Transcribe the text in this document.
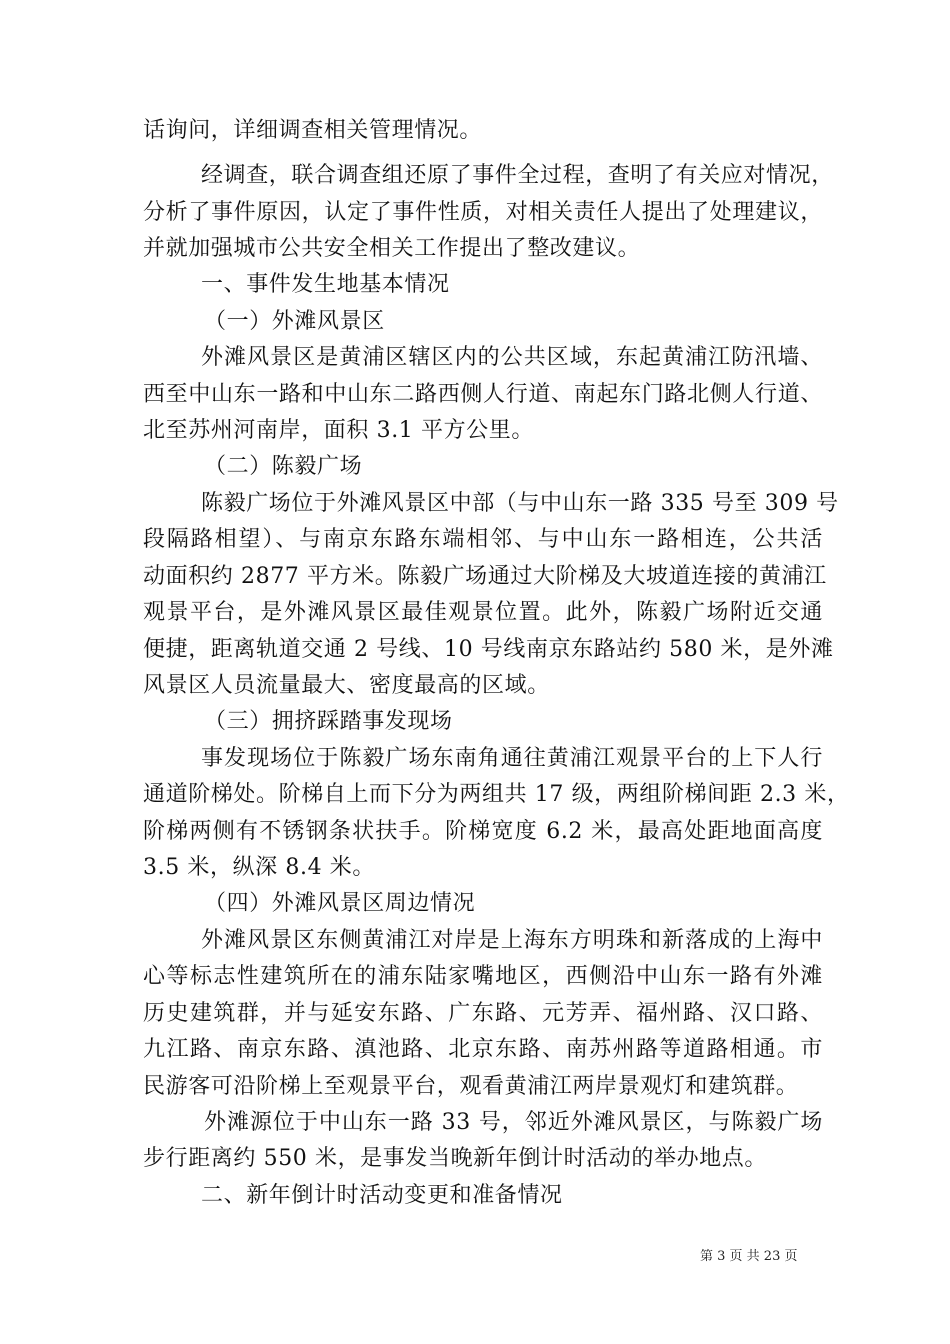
话询问，详细调查相关管理情况。
经调查，联合调查组还原了事件全过程，查明了有关应对情况，
分析了事件原因，认定了事件性质，对相关责任人提出了处理建议，
并就加强城市公共安全相关工作提出了整改建议。
一、事件发生地基本情况
（一）外滩风景区
外滩风景区是黄浦区辖区内的公共区域，东起黄浦江防汛墙、
西至中山东一路和中山东二路西侧人行道、南起东门路北侧人行道、
北至苏州河南岸，面积 3.1 平方公里。
（二）陈毅广场
陈毅广场位于外滩风景区中部（与中山东一路 335 号至 309 号
段隔路相望）、与南京东路东端相邻、与中山东一路相连，公共活
动面积约 2877 平方米。陈毅广场通过大阶梯及大坡道连接的黄浦江
观景平台，是外滩风景区最佳观景位置。此外，陈毅广场附近交通
便捷，距离轨道交通 2 号线、10 号线南京东路站约 580 米，是外滩
风景区人员流量最大、密度最高的区域。
（三）拥挤踩踏事发现场
事发现场位于陈毅广场东南角通往黄浦江观景平台的上下人行
通道阶梯处。阶梯自上而下分为两组共 17 级，两组阶梯间距 2.3 米，
阶梯两侧有不锈钢条状扶手。阶梯宽度 6.2 米，最高处距地面高度
3.5 米，纵深 8.4 米。
（四）外滩风景区周边情况
外滩风景区东侧黄浦江对岸是上海东方明珠和新落成的上海中
心等标志性建筑所在的浦东陆家嘴地区，西侧沿中山东一路有外滩
历史建筑群，并与延安东路、广东路、元芳弄、福州路、汉口路、
九江路、南京东路、滇池路、北京东路、南苏州路等道路相通。市
民游客可沿阶梯上至观景平台，观看黄浦江两岸景观灯和建筑群。
外滩源位于中山东一路 33 号，邻近外滩风景区，与陈毅广场
步行距离约 550 米，是事发当晚新年倒计时活动的举办地点。
二、新年倒计时活动变更和准备情况
第 3 页 共 23 页
